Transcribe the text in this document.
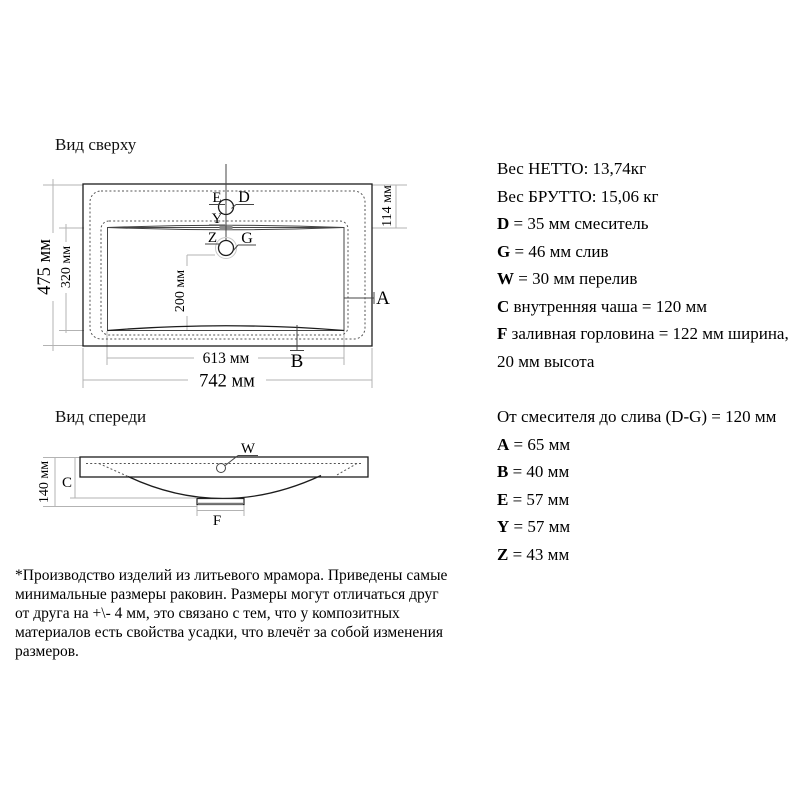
Вид сверху
E D
Y
Z G
A
B
475 мм 320 мм
114 мм
200 мм
613 мм
742 мм
Вид спереди
W
C
140 мм
F
Вес НЕТТО: 13,74кг
Вес БРУТТО: 15,06 кг
D = 35 мм смеситель
G = 46 мм слив
W = 30 мм перелив
C внутренняя чаша = 120 мм
F заливная горловина = 122 мм ширина,
20 мм высота
От смесителя до слива (D-G) = 120 мм
A = 65 мм
B = 40 мм
E = 57 мм
Y = 57 мм
Z = 43 мм
*Производство изделий из литьевого мрамора. Приведены самые
минимальные размеры раковин. Размеры могут отличаться друг
от друга на +\- 4 мм, это связано с тем, что у композитных
материалов есть свойства усадки, что влечёт за собой изменения
размеров.
